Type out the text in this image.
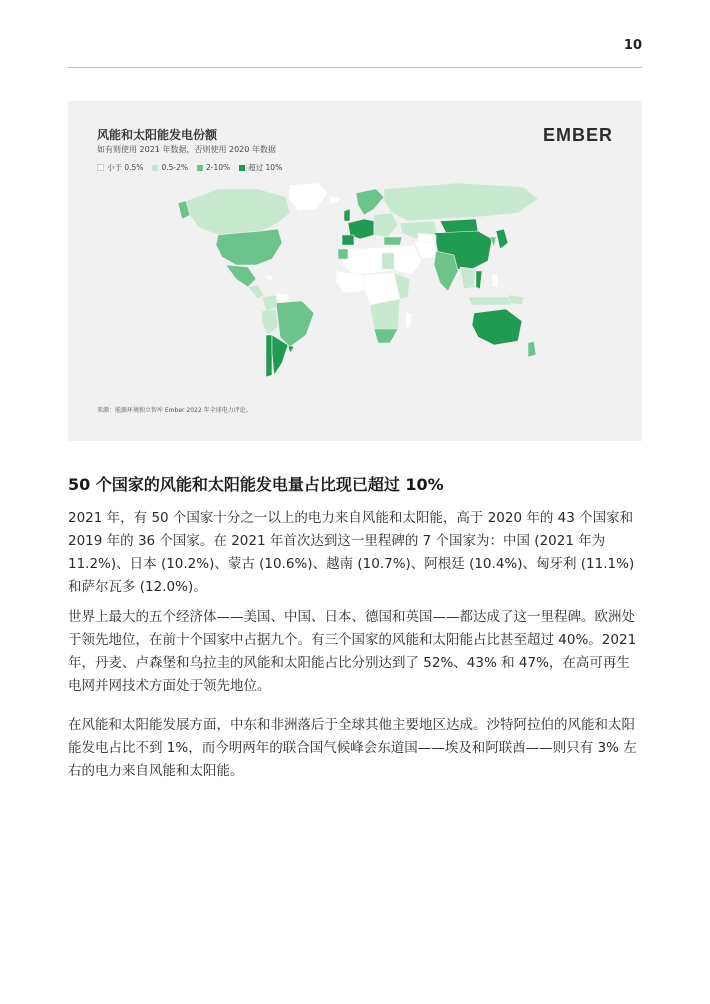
10
风能和太阳能发电份额
如有则使用 2021 年数据，否则使用 2020 年数据
小于 0.5% 0.5-2% 2-10% 超过 10%
EMBER
来源：能源环境独立智库 Ember 2022 年全球电力评论。
50 个国家的风能和太阳能发电量占比现已超过 10%

2021 年，有 50 个国家十分之一以上的电力来自风能和太阳能，高于 2020 年的 43 个国家和 2019 年的 36 个国家。在 2021 年首次达到这一里程碑的 7 个国家为：中国 (2021 年为 11.2%)、日本 (10.2%)、蒙古 (10.6%)、越南 (10.7%)、阿根廷 (10.4%)、匈牙利 (11.1%) 和萨尔瓦多 (12.0%)。

世界上最大的五个经济体——美国、中国、日本、德国和英国——都达成了这一里程碑。欧洲处于领先地位，在前十个国家中占据九个。有三个国家的风能和太阳能占比甚至超过 40%。2021 年，丹麦、卢森堡和乌拉圭的风能和太阳能占比分别达到了 52%、43% 和 47%，在高可再生电网并网技术方面处于领先地位。

在风能和太阳能发展方面，中东和非洲落后于全球其他主要地区达成。沙特阿拉伯的风能和太阳能发电占比不到 1%，而今明两年的联合国气候峰会东道国——埃及和阿联酋——则只有 3% 左右的电力来自风能和太阳能。
